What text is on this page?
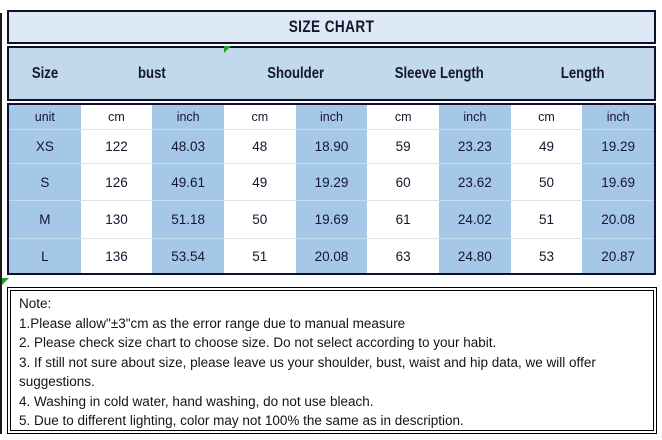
SIZE CHART
Size	bust	Shoulder	Sleeve Length	Length
unit	cm	inch	cm	inch	cm	inch	cm	inch
XS	122	48.03	48	18.90	59	23.23	49	19.29
S	126	49.61	49	19.29	60	23.62	50	19.69
M	130	51.18	50	19.69	61	24.02	51	20.08
L	136	53.54	51	20.08	63	24.80	53	20.87
Note:
1.Please allow"±3"cm as the error range due to manual measure
2. Please check size chart to choose size. Do not select according to your habit.
3. If still not sure about size, please leave us your shoulder, bust, waist and hip data, we will offer
suggestions.
4. Washing in cold water, hand washing, do not use bleach.
5. Due to different lighting, color may not 100% the same as in description.
